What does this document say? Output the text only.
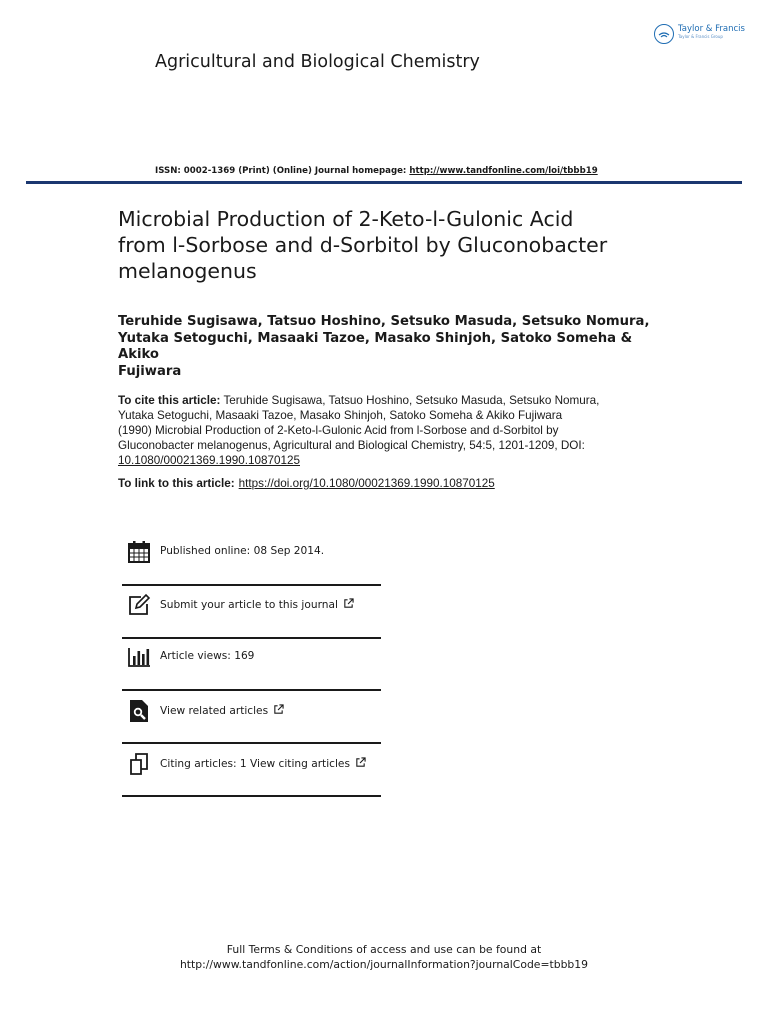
Taylor & Francis
Taylor & Francis Group
Agricultural and Biological Chemistry
ISSN: 0002-1369 (Print) (Online) Journal homepage: http://www.tandfonline.com/loi/tbbb19
Microbial Production of 2-Keto-l-Gulonic Acid
from l-Sorbose and d-Sorbitol by Gluconobacter
melanogenus
Teruhide Sugisawa, Tatsuo Hoshino, Setsuko Masuda, Setsuko Nomura,
Yutaka Setoguchi, Masaaki Tazoe, Masako Shinjoh, Satoko Someha & Akiko
Fujiwara
To cite this article: Teruhide Sugisawa, Tatsuo Hoshino, Setsuko Masuda, Setsuko Nomura,
Yutaka Setoguchi, Masaaki Tazoe, Masako Shinjoh, Satoko Someha & Akiko Fujiwara
(1990) Microbial Production of 2-Keto-l-Gulonic Acid from l-Sorbose and d-Sorbitol by
Gluconobacter melanogenus, Agricultural and Biological Chemistry, 54:5, 1201-1209, DOI:
10.1080/00021369.1990.10870125
To link to this article: https://doi.org/10.1080/00021369.1990.10870125
Published online: 08 Sep 2014.
Submit your article to this journal
Article views: 169
View related articles
Citing articles: 1 View citing articles
Full Terms & Conditions of access and use can be found at
http://www.tandfonline.com/action/journalInformation?journalCode=tbbb19
